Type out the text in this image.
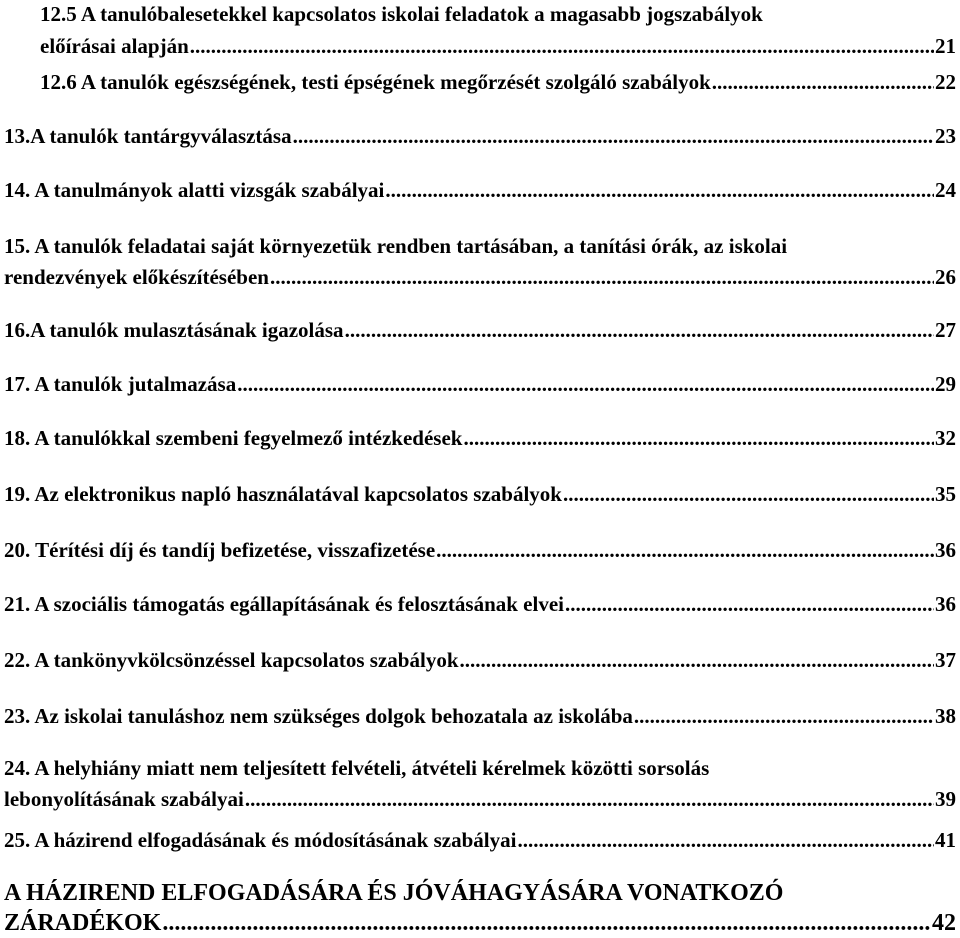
12.5 A tanulóbalesetekkel kapcsolatos iskolai feladatok a magasabb jogszabályok
előírásai alapján .....	21
12.6 A tanulók egészségének, testi épségének megőrzését szolgáló szabályok .....	22
13.A tanulók tantárgyválasztása .....	23
14. A tanulmányok alatti vizsgák szabályai .....	24
15. A tanulók feladatai saját környezetük rendben tartásában, a tanítási órák, az iskolai
rendezvények előkészítésében .....	26
16.A tanulók mulasztásának igazolása .....	27
17. A tanulók jutalmazása .....	29
18. A tanulókkal szembeni fegyelmező intézkedések .....	32
19. Az elektronikus napló használatával kapcsolatos szabályok .....	35
20. Térítési díj és tandíj befizetése, visszafizetése .....	36
21. A szociális támogatás egállapításának és felosztásának elvei .....	36
22. A tankönyvkölcsönzéssel kapcsolatos szabályok .....	37
23. Az iskolai tanuláshoz nem szükséges dolgok behozatala az iskolába .....	38
24. A helyhiány miatt nem teljesített felvételi, átvételi kérelmek közötti sorsolás
lebonyolításának szabályai .....	39
25. A házirend elfogadásának és módosításának szabályai .....	41
A HÁZIREND ELFOGADÁSÁRA ÉS JÓVÁHAGYÁSÁRA VONATKOZÓ
ZÁRADÉKOK .....	42
